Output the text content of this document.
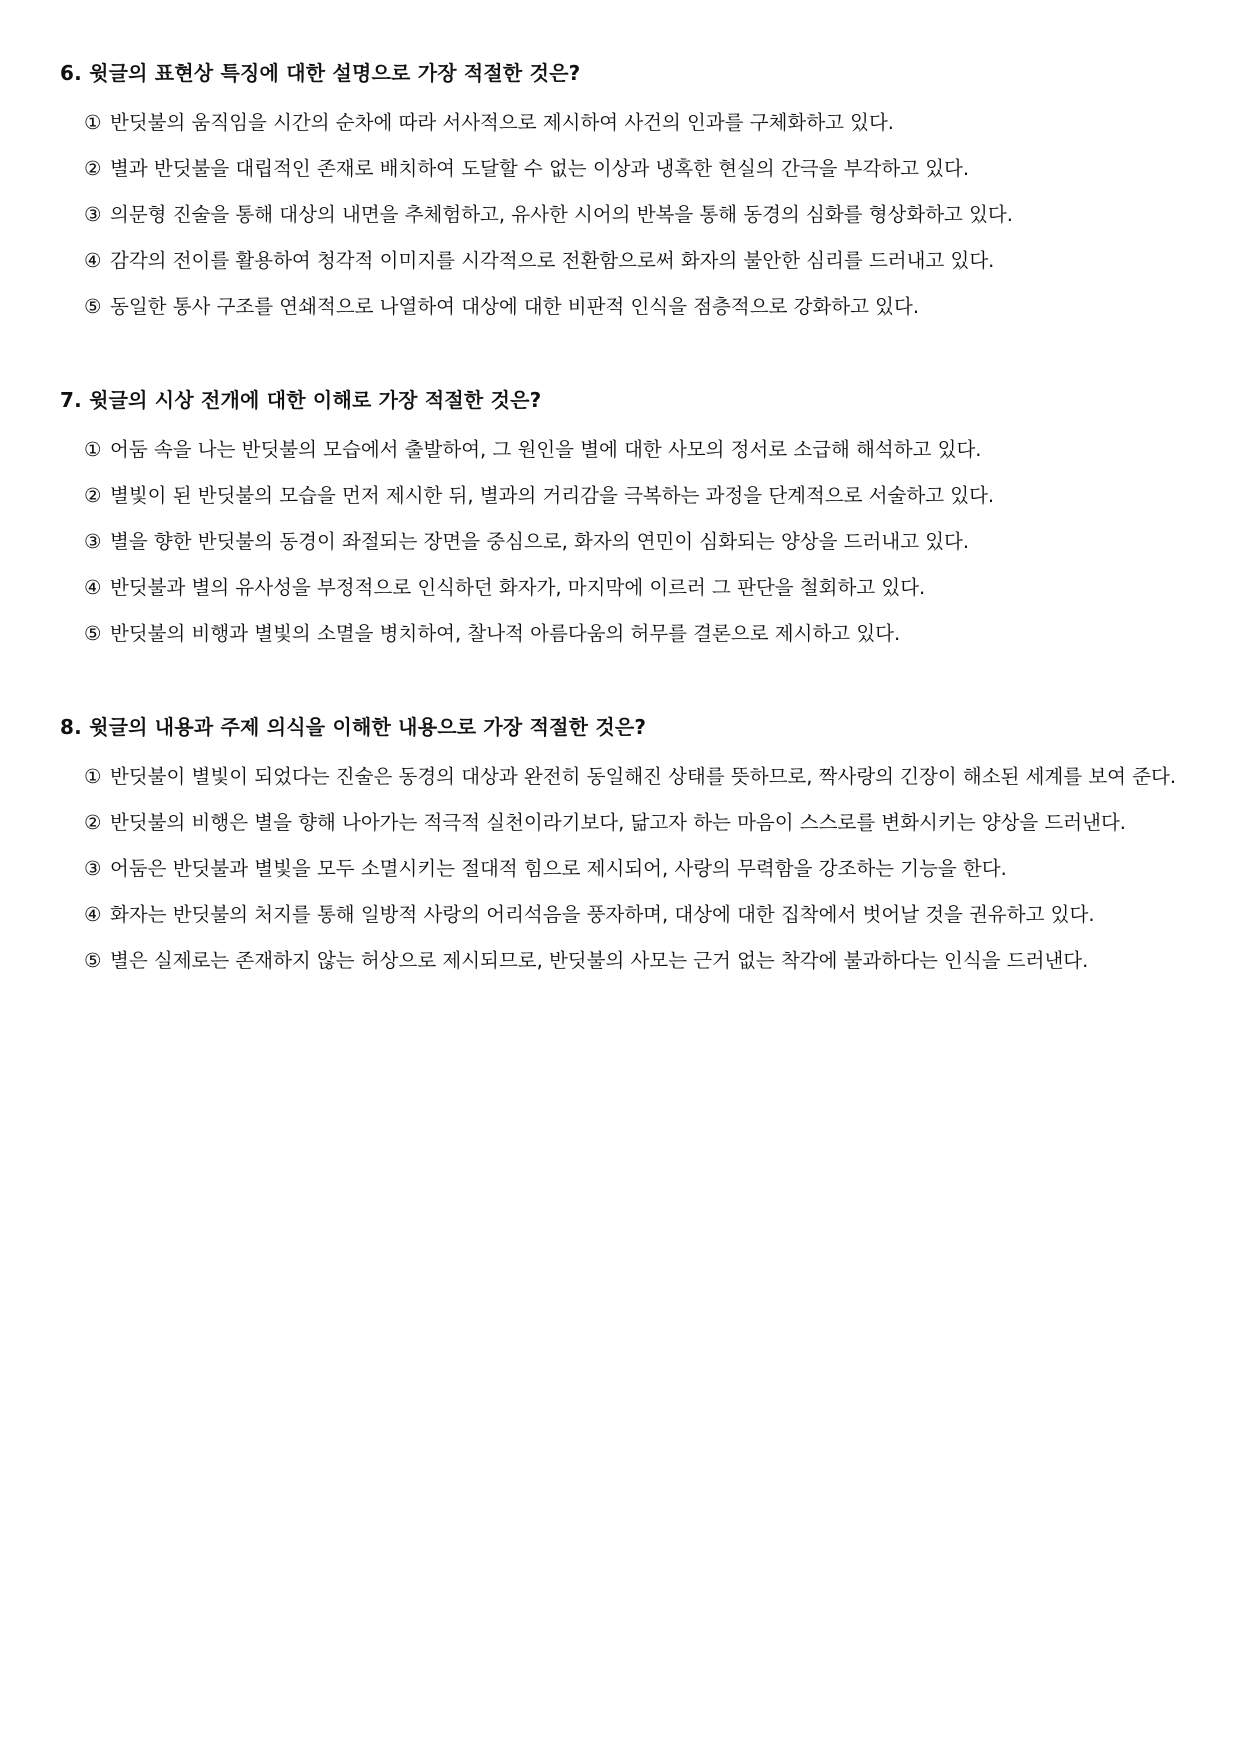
6. 윗글의 표현상 특징에 대한 설명으로 가장 적절한 것은?
① 반딧불의 움직임을 시간의 순차에 따라 서사적으로 제시하여 사건의 인과를 구체화하고 있다.
② 별과 반딧불을 대립적인 존재로 배치하여 도달할 수 없는 이상과 냉혹한 현실의 간극을 부각하고 있다.
③ 의문형 진술을 통해 대상의 내면을 추체험하고, 유사한 시어의 반복을 통해 동경의 심화를 형상화하고 있다.
④ 감각의 전이를 활용하여 청각적 이미지를 시각적으로 전환함으로써 화자의 불안한 심리를 드러내고 있다.
⑤ 동일한 통사 구조를 연쇄적으로 나열하여 대상에 대한 비판적 인식을 점층적으로 강화하고 있다.
7. 윗글의 시상 전개에 대한 이해로 가장 적절한 것은?
① 어둠 속을 나는 반딧불의 모습에서 출발하여, 그 원인을 별에 대한 사모의 정서로 소급해 해석하고 있다.
② 별빛이 된 반딧불의 모습을 먼저 제시한 뒤, 별과의 거리감을 극복하는 과정을 단계적으로 서술하고 있다.
③ 별을 향한 반딧불의 동경이 좌절되는 장면을 중심으로, 화자의 연민이 심화되는 양상을 드러내고 있다.
④ 반딧불과 별의 유사성을 부정적으로 인식하던 화자가, 마지막에 이르러 그 판단을 철회하고 있다.
⑤ 반딧불의 비행과 별빛의 소멸을 병치하여, 찰나적 아름다움의 허무를 결론으로 제시하고 있다.
8. 윗글의 내용과 주제 의식을 이해한 내용으로 가장 적절한 것은?
① 반딧불이 별빛이 되었다는 진술은 동경의 대상과 완전히 동일해진 상태를 뜻하므로, 짝사랑의 긴장이 해소된 세계를 보여 준다.
② 반딧불의 비행은 별을 향해 나아가는 적극적 실천이라기보다, 닮고자 하는 마음이 스스로를 변화시키는 양상을 드러낸다.
③ 어둠은 반딧불과 별빛을 모두 소멸시키는 절대적 힘으로 제시되어, 사랑의 무력함을 강조하는 기능을 한다.
④ 화자는 반딧불의 처지를 통해 일방적 사랑의 어리석음을 풍자하며, 대상에 대한 집착에서 벗어날 것을 권유하고 있다.
⑤ 별은 실제로는 존재하지 않는 허상으로 제시되므로, 반딧불의 사모는 근거 없는 착각에 불과하다는 인식을 드러낸다.
